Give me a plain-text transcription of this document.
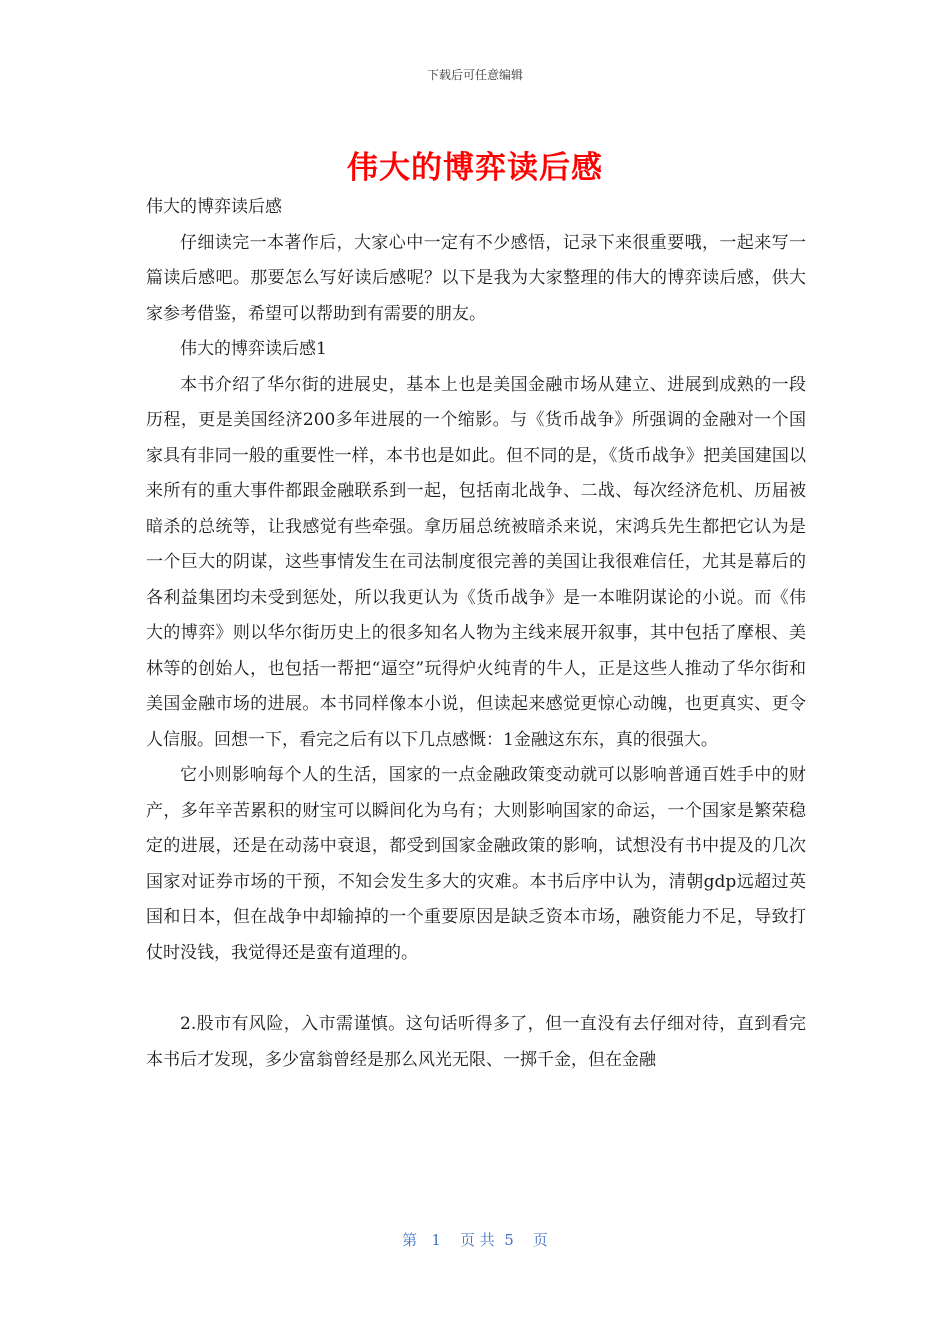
下载后可任意编辑
伟大的博弈读后感

伟大的博弈读后感

仔细读完一本著作后，大家心中一定有不少感悟，记录下来很重要哦，一起来写一篇读后感吧。那要怎么写好读后感呢？以下是我为大家整理的伟大的博弈读后感，供大家参考借鉴，希望可以帮助到有需要的朋友。

伟大的博弈读后感1

本书介绍了华尔街的进展史，基本上也是美国金融市场从建立、进展到成熟的一段历程，更是美国经济200多年进展的一个缩影。与《货币战争》所强调的金融对一个国家具有非同一般的重要性一样，本书也是如此。但不同的是，《货币战争》把美国建国以来所有的重大事件都跟金融联系到一起，包括南北战争、二战、每次经济危机、历届被暗杀的总统等，让我感觉有些牵强。拿历届总统被暗杀来说，宋鸿兵先生都把它认为是一个巨大的阴谋，这些事情发生在司法制度很完善的美国让我很难信任，尤其是幕后的各利益集团均未受到惩处，所以我更认为《货币战争》是一本唯阴谋论的小说。而《伟大的博弈》则以华尔街历史上的很多知名人物为主线来展开叙事，其中包括了摩根、美林等的创始人，也包括一帮把“逼空”玩得炉火纯青的牛人，正是这些人推动了华尔街和美国金融市场的进展。本书同样像本小说，但读起来感觉更惊心动魄，也更真实、更令人信服。回想一下，看完之后有以下几点感慨：1金融这东东，真的很强大。

它小则影响每个人的生活，国家的一点金融政策变动就可以影响普通百姓手中的财产，多年辛苦累积的财宝可以瞬间化为乌有；大则影响国家的命运，一个国家是繁荣稳定的进展，还是在动荡中衰退，都受到国家金融政策的影响，试想没有书中提及的几次国家对证券市场的干预，不知会发生多大的灾难。本书后序中认为，清朝gdp远超过英国和日本，但在战争中却输掉的一个重要原因是缺乏资本市场，融资能力不足，导致打仗时没钱，我觉得还是蛮有道理的。

2.股市有风险，入市需谨慎。这句话听得多了，但一直没有去仔细对待，直到看完本书后才发现，多少富翁曾经是那么风光无限、一掷千金，但在金融

第   1    页 共  5    页
